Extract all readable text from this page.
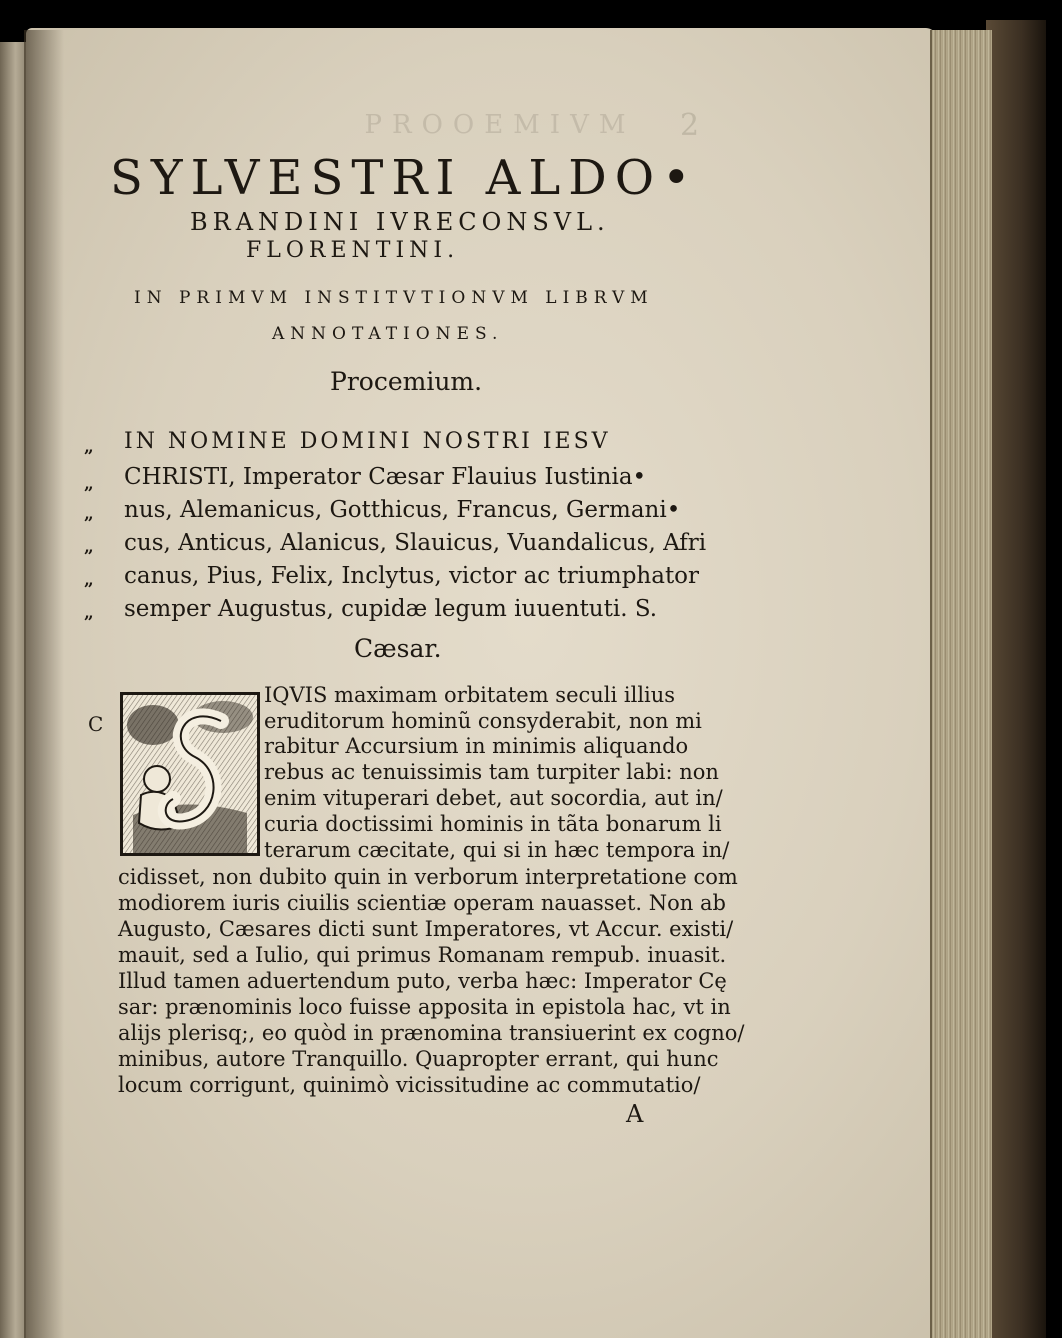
PROOEMIVM	2
SYLVESTRI ALDO•
BRANDINI IVRECONSVL.
FLORENTINI.
IN PRIMVM INSTITVTIONVM LIBRVM
ANNOTATIONES.
Procemium.
„
„
„
„
„
„
IN NOMINE DOMINI NOSTRI IESV
CHRISTI, Imperator Cæsar Flauius Iustinia•
nus, Alemanicus, Gotthicus, Francus, Germani•
cus, Anticus, Alanicus, Slauicus, Vuandalicus, Afri
canus, Pius, Felix, Inclytus, victor ac triumphator
semper Augustus, cupidæ legum iuuentuti. S.
Cæsar.
C
IQVIS maximam orbitatem seculi illius
eruditorum hominũ consyderabit, non mi
rabitur Accursium in minimis aliquando
rebus ac tenuissimis tam turpiter labi: non
enim vituperari debet, aut socordia, aut in/
curia doctissimi hominis in tãta bonarum li
terarum cæcitate, qui si in hæc tempora in/
cidisset, non dubito quin in verborum interpretatione com
modiorem iuris ciuilis scientiæ operam nauasset. Non ab
Augusto, Cæsares dicti sunt Imperatores, vt Accur. existi/
mauit, sed a Iulio, qui primus Romanam rempub. inuasit.
Illud tamen aduertendum puto, verba hæc: Imperator Cę
sar: prænominis loco fuisse apposita in epistola hac, vt in
alijs plerisq;, eo quòd in prænomina transiuerint ex cogno/
minibus, autore Tranquillo. Quapropter errant, qui hunc
locum corrigunt, quinimò vicissitudine ac commutatio/
A
